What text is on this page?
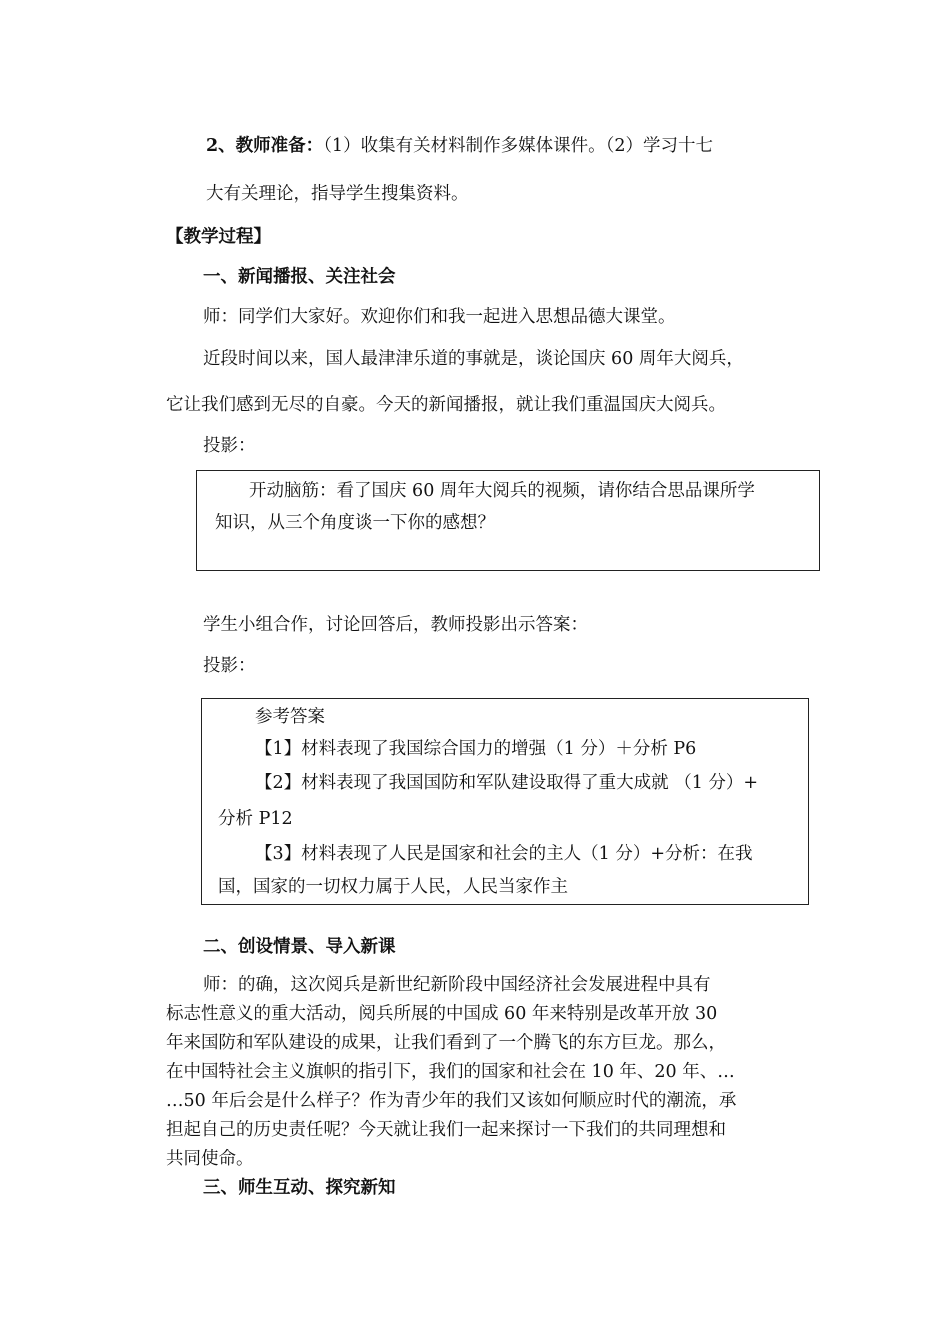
2、教师准备：（1）收集有关材料制作多媒体课件。（2）学习十七
大有关理论，指导学生搜集资料。
【教学过程】
一、新闻播报、关注社会
师：同学们大家好。欢迎你们和我一起进入思想品德大课堂。
近段时间以来，国人最津津乐道的事就是，谈论国庆 60 周年大阅兵，
它让我们感到无尽的自豪。今天的新闻播报，就让我们重温国庆大阅兵。
投影：
开动脑筋：看了国庆 60 周年大阅兵的视频，请你结合思品课所学
知识，从三个角度谈一下你的感想？
学生小组合作，讨论回答后，教师投影出示答案：
投影：
参考答案
【1】材料表现了我国综合国力的增强（1 分）＋分析 P6
【2】材料表现了我国国防和军队建设取得了重大成就 （1 分）+
分析 P12
【3】材料表现了人民是国家和社会的主人（1 分）+分析：在我
国，国家的一切权力属于人民，人民当家作主
二、创设情景、导入新课
师：的确，这次阅兵是新世纪新阶段中国经济社会发展进程中具有
标志性意义的重大活动，阅兵所展的中国成 60 年来特别是改革开放 30
年来国防和军队建设的成果，让我们看到了一个腾飞的东方巨龙。那么，
在中国特社会主义旗帜的指引下，我们的国家和社会在 10 年、20 年、…
…50 年后会是什么样子？作为青少年的我们又该如何顺应时代的潮流，承
担起自己的历史责任呢？今天就让我们一起来探讨一下我们的共同理想和
共同使命。
三、师生互动、探究新知
